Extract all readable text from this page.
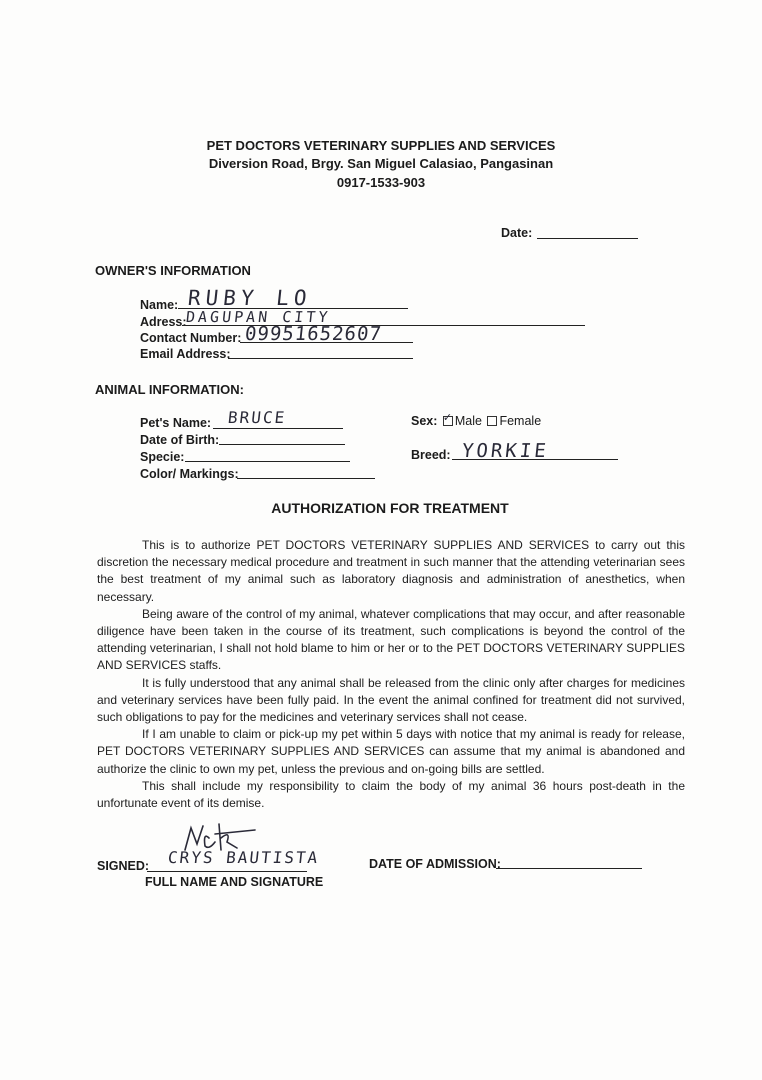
PET DOCTORS VETERINARY SUPPLIES AND SERVICES
Diversion Road, Brgy. San Miguel Calasiao, Pangasinan
0917-1533-903
Date:
OWNER'S INFORMATION
Name: RUBY LO
Adress:
DAGUPAN CITY
Contact Number: 09951652607
Email Address:
ANIMAL INFORMATION:
Pet's Name: BRUCE
Date of Birth:
Specie:
Color/ Markings:
Sex: ✓ Male Female
Breed: YORKIE
AUTHORIZATION FOR TREATMENT

This is to authorize PET DOCTORS VETERINARY SUPPLIES AND SERVICES to carry out this discretion the necessary medical procedure and treatment in such manner that the attending veterinarian sees the best treatment of my animal such as laboratory diagnosis and administration of anesthetics, when necessary.

Being aware of the control of my animal, whatever complications that may occur, and after reasonable diligence have been taken in the course of its treatment, such complications is beyond the control of the attending veterinarian, I shall not hold blame to him or her or to the PET DOCTORS VETERINARY SUPPLIES AND SERVICES staffs.

It is fully understood that any animal shall be released from the clinic only after charges for medicines and veterinary services have been fully paid. In the event the animal confined for treatment did not survived, such obligations to pay for the medicines and veterinary services shall not cease.

If I am unable to claim or pick-up my pet within 5 days with notice that my animal is ready for release, PET DOCTORS VETERINARY SUPPLIES AND SERVICES can assume that my animal is abandoned and authorize the clinic to own my pet, unless the previous and on-going bills are settled.

This shall include my responsibility to claim the body of my animal 36 hours post-death in the unfortunate event of its demise.

SIGNED: CRYS BAUTISTA
FULL NAME AND SIGNATURE
DATE OF ADMISSION:
